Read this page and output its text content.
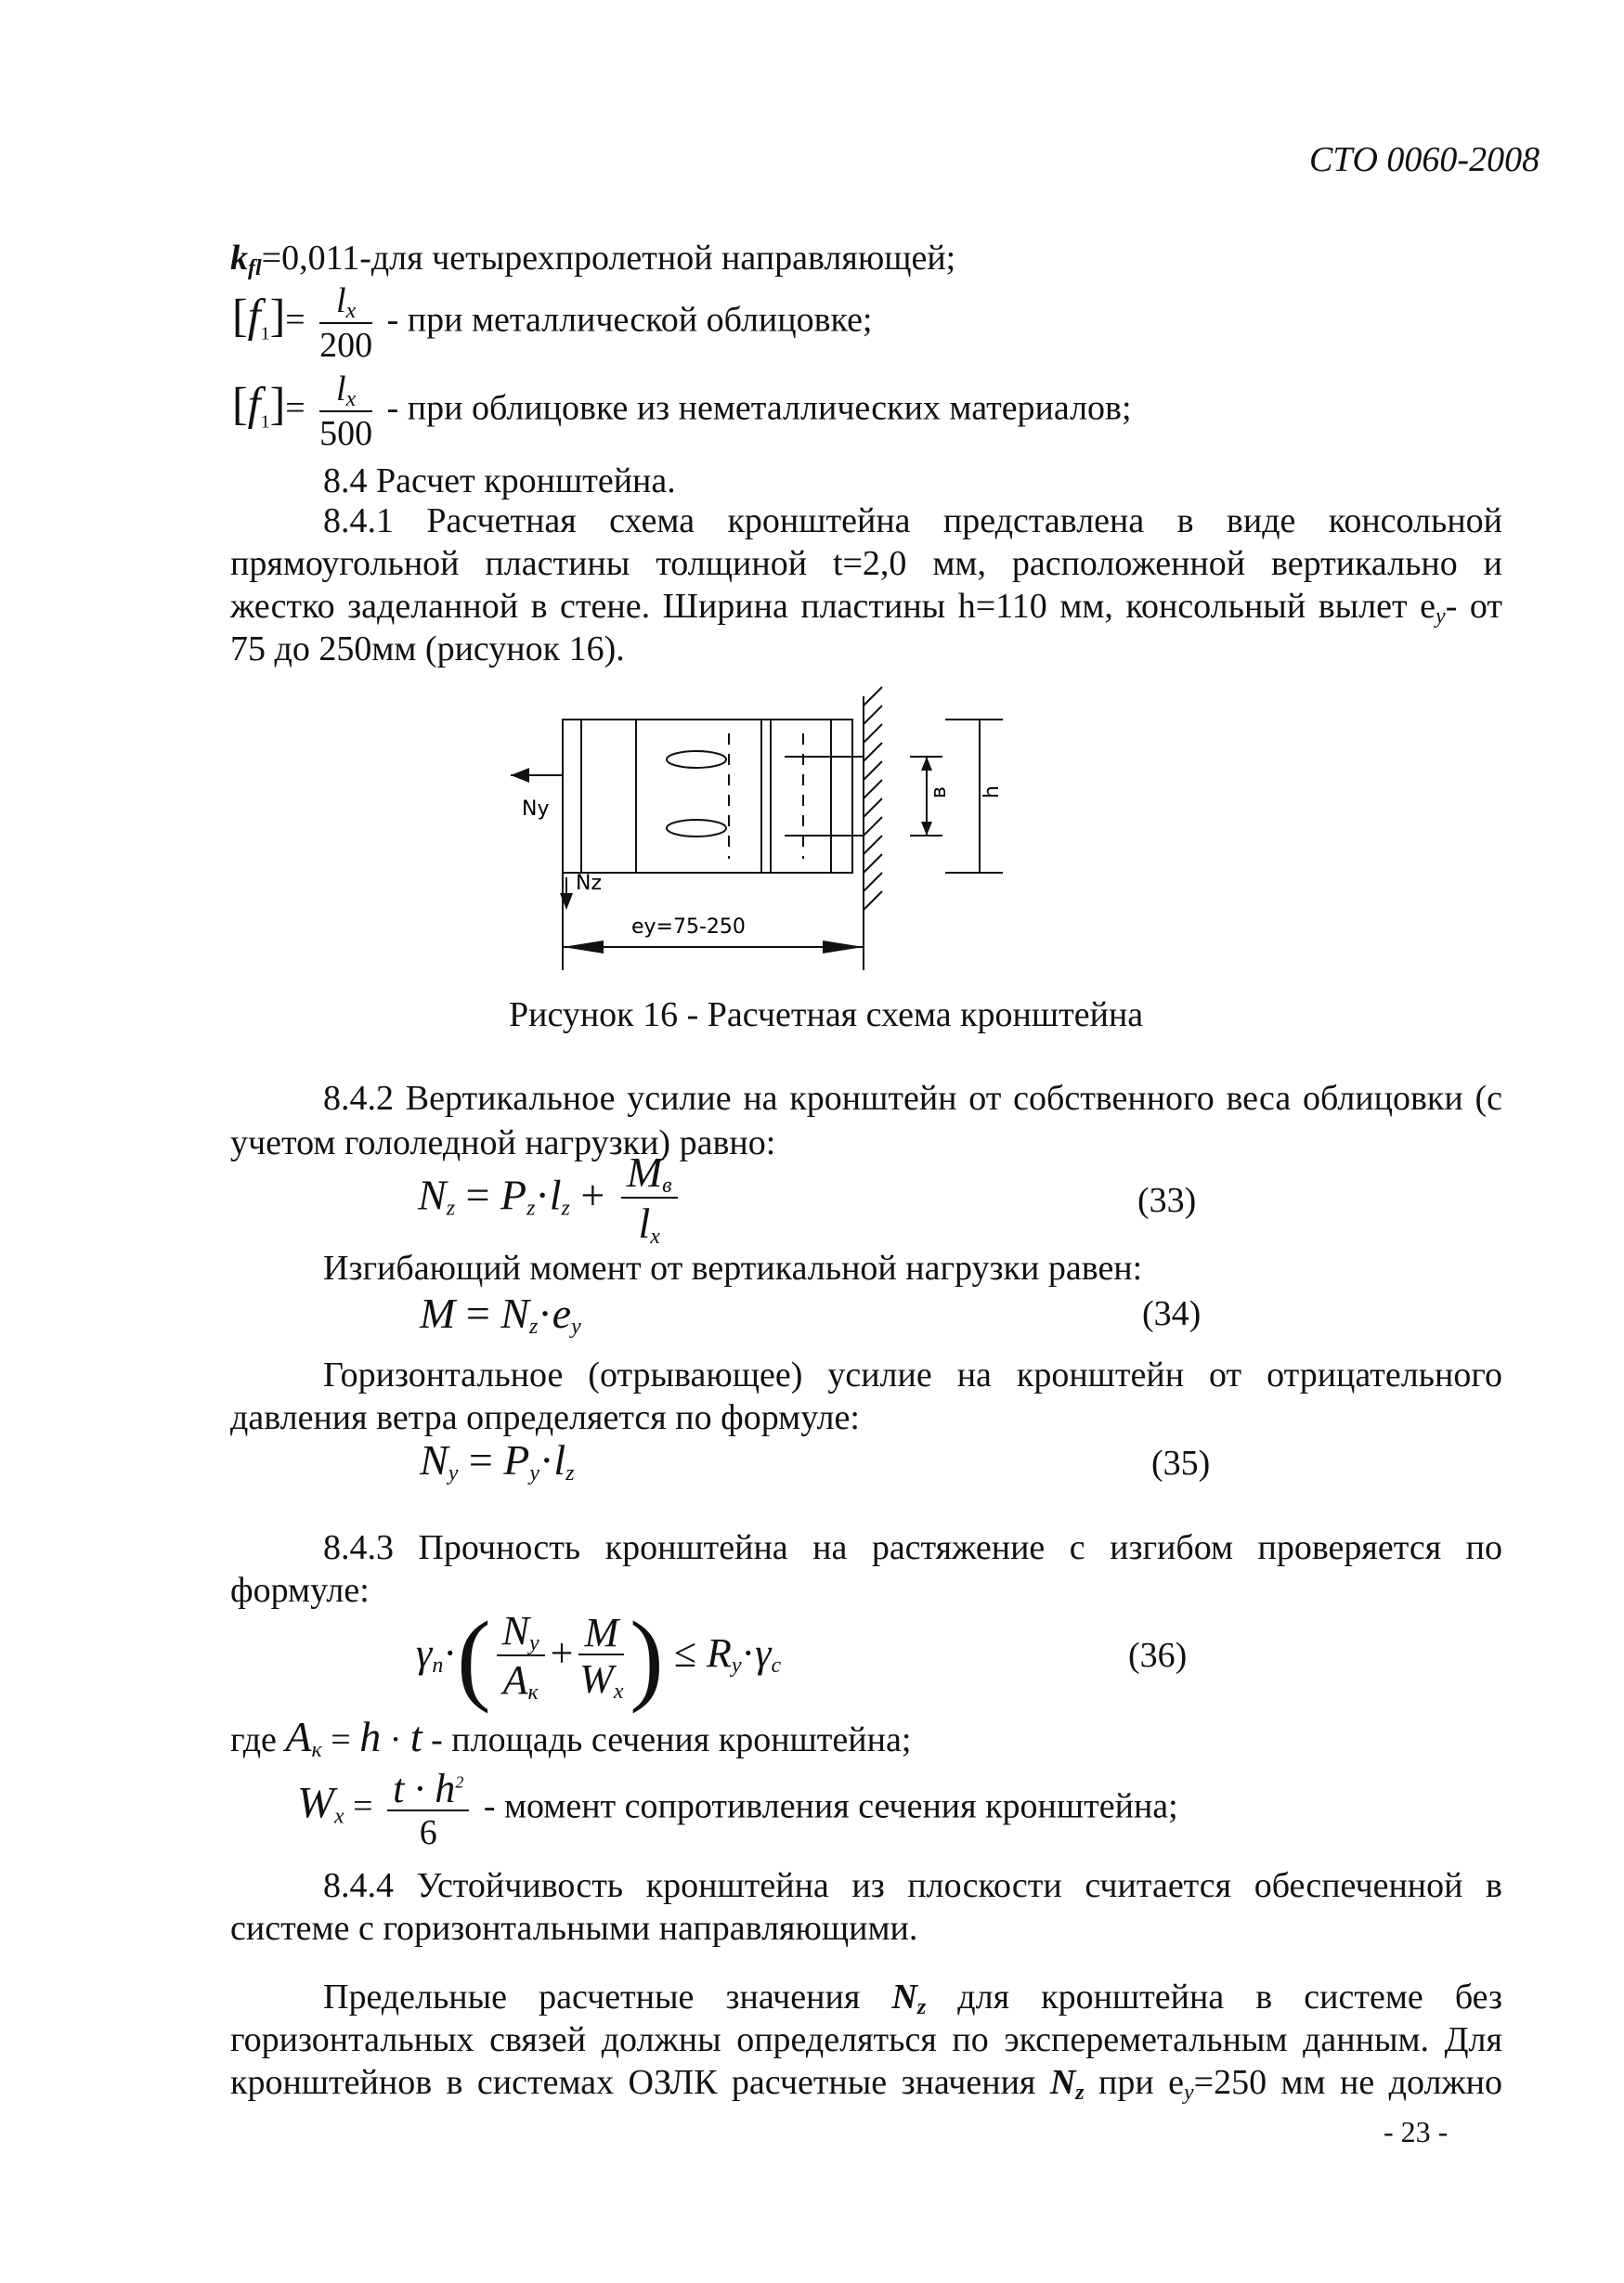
СТО 0060-2008
$k_{fl}=0,011$-для четырехпролетной направляющей;
$[f_1]= \frac{l_x}{200}$ - при металлической облицовке;
$[f_1]= \frac{l_x}{500}$ - при облицовке из неметаллических материалов;
8.4 Расчет кронштейна.
8.4.1 Расчетная схема кронштейна представлена в виде консольной
прямоугольной пластины толщиной t=2,0 мм, расположенной вертикально и
жестко заделанной в стене. Ширина пластины h=110 мм, консольный вылет $e_y-$ от
75 до 250мм (рисунок 16).
Ny
Nz
ey=75-250
в h
Рисунок 16 - Расчетная схема кронштейна
8.4.2 Вертикальное усилие на кронштейн от собственного веса облицовки (с
учетом гололедной нагрузки) равно:
$N_z = P_z\cdot l_z + \frac{M_в}{l_x}$	(33)
Изгибающий момент от вертикальной нагрузки равен:
$M = N_z\cdot e_y$	(34)
Горизонтальное (отрывающее) усилие на кронштейн от отрицательного
давления ветра определяется по формуле:
$N_y = P_y\cdot l_z$	(35)
8.4.3 Прочность кронштейна на растяжение с изгибом проверяется по
формуле:
$\gamma_n\cdot( \frac{N_y}{A_к} + \frac{M}{W_x}$ ) ≤ $R_y\cdot\gamma_c$	(36)
где $A_к = h \cdot t$ - площадь сечения кронштейна;
$W_x = \frac{t \cdot h^2}{6}$ - момент сопротивления сечения кронштейна;
8.4.4 Устойчивость кронштейна из плоскости считается обеспеченной в
системе с горизонтальными направляющими.
Предельные расчетные значения $N_z$ для кронштейна в системе без
горизонтальных связей должны определяться по экспереметальным данным. Для
кронштейнов в системах ОЗЛК расчетные значения $N_z$ при $e_y=250$ мм не должно
- 23 -
